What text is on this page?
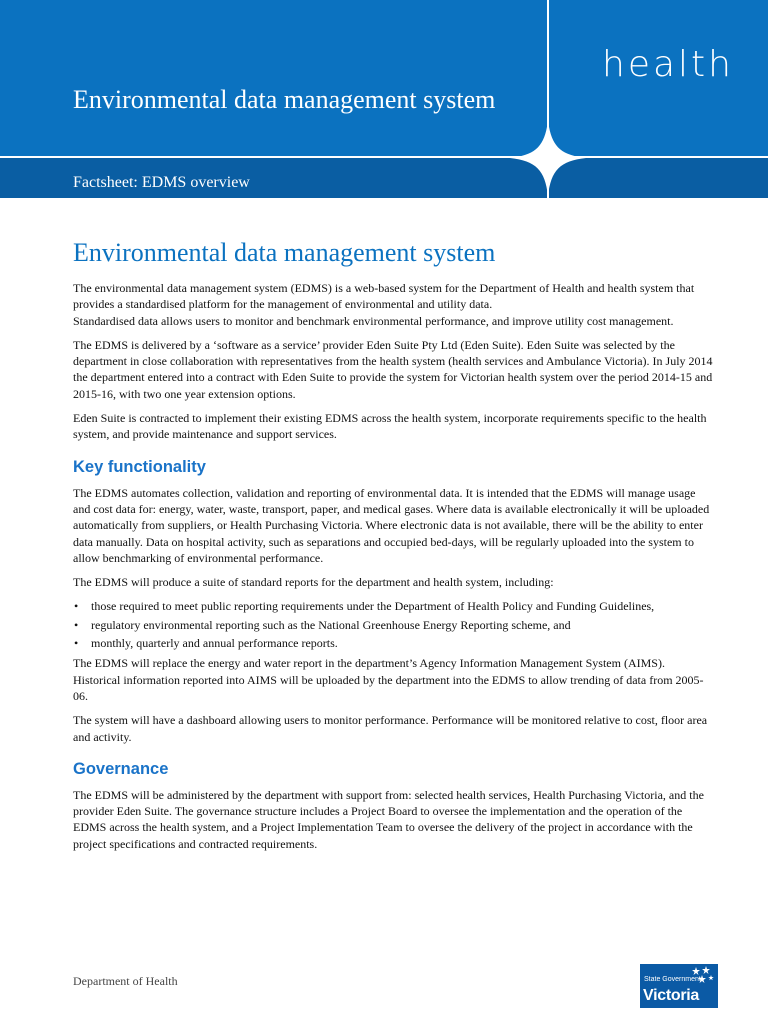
Environmental data management system
Factsheet: EDMS overview
health
Environmental data management system

The environmental data management system (EDMS) is a web-based system for the Department of Health and health system that provides a standardised platform for the management of environmental and utility data.

Standardised data allows users to monitor and benchmark environmental performance, and improve utility cost management.

The EDMS is delivered by a ‘software as a service’ provider Eden Suite Pty Ltd (Eden Suite). Eden Suite was selected by the department in close collaboration with representatives from the health system (health services and Ambulance Victoria). In July 2014 the department entered into a contract with Eden Suite to provide the system for Victorian health system over the period 2014-15 and 2015-16, with two one year extension options.

Eden Suite is contracted to implement their existing EDMS across the health system, incorporate requirements specific to the health system, and provide maintenance and support services.

Key functionality

The EDMS automates collection, validation and reporting of environmental data. It is intended that the EDMS will manage usage and cost data for: energy, water, waste, transport, paper, and medical gases. Where data is available electronically it will be uploaded automatically from suppliers, or Health Purchasing Victoria. Where electronic data is not available, there will be the ability to enter data manually. Data on hospital activity, such as separations and occupied bed-days, will be regularly uploaded into the system to allow benchmarking of environmental performance.

The EDMS will produce a suite of standard reports for the department and health system, including:

• those required to meet public reporting requirements under the Department of Health Policy and Funding Guidelines,
• regulatory environmental reporting such as the National Greenhouse Energy Reporting scheme, and
• monthly, quarterly and annual performance reports.

The EDMS will replace the energy and water report in the department’s Agency Information Management System (AIMS). Historical information reported into AIMS will be uploaded by the department into the EDMS to allow trending of data from 2005-06.

The system will have a dashboard allowing users to monitor performance. Performance will be monitored relative to cost, floor area and activity.

Governance

The EDMS will be administered by the department with support from: selected health services, Health Purchasing Victoria, and the provider Eden Suite. The governance structure includes a Project Board to oversee the implementation and the operation of the EDMS across the health system, and a Project Implementation Team to oversee the delivery of the project in accordance with the project specifications and contracted requirements.

Department of Health	State Government
Victoria
